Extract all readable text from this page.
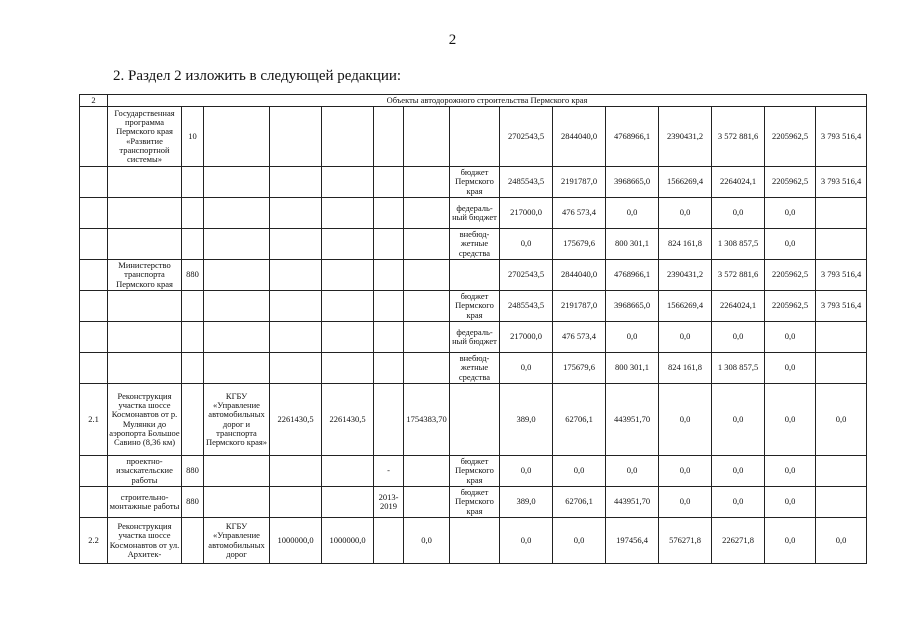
2
2. Раздел 2 изложить в следующей редакции:
2	Объекты автодорожного строительства Пермского края														
	Государственная программа Пермского края «Развитие транспортной системы»	10							2702543,5	2844040,0	4768966,1	2390431,2	3 572 881,6	2205962,5	3 793 516,4
								бюджет Пермского края	2485543,5	2191787,0	3968665,0	1566269,4	2264024,1	2205962,5	3 793 516,4
								федераль-ный бюджет	217000,0	476 573,4	0,0	0,0	0,0	0,0	
								внебюд-жетные средства	0,0	175679,6	800 301,1	824 161,8	1 308 857,5	0,0	
	Министерство транспорта Пермского края	880							2702543,5	2844040,0	4768966,1	2390431,2	3 572 881,6	2205962,5	3 793 516,4
								бюджет Пермского края	2485543,5	2191787,0	3968665,0	1566269,4	2264024,1	2205962,5	3 793 516,4
								федераль-ный бюджет	217000,0	476 573,4	0,0	0,0	0,0	0,0	
								внебюд-жетные средства	0,0	175679,6	800 301,1	824 161,8	1 308 857,5	0,0	
2.1	Реконструкция участка шоссе Космонавтов от р. Мулянки до аэропорта Большое Савино (8,36 км)		КГБУ «Управление автомобильных дорог и транспорта Пермского края»	2261430,5	2261430,5		1754383,70		389,0	62706,1	443951,70	0,0	0,0	0,0	0,0
	проектно-изыскательские работы	880				-		бюджет Пермского края	0,0	0,0	0,0	0,0	0,0	0,0	
	строительно-монтажные работы	880				2013-2019		бюджет Пермского края	389,0	62706,1	443951,70	0,0	0,0	0,0	
2.2	Реконструкция участка шоссе Космонавтов от ул. Архитек-		КГБУ «Управление автомобильных дорог	1000000,0	1000000,0		0,0		0,0	0,0	197456,4	576271,8	226271,8	0,0	0,0
